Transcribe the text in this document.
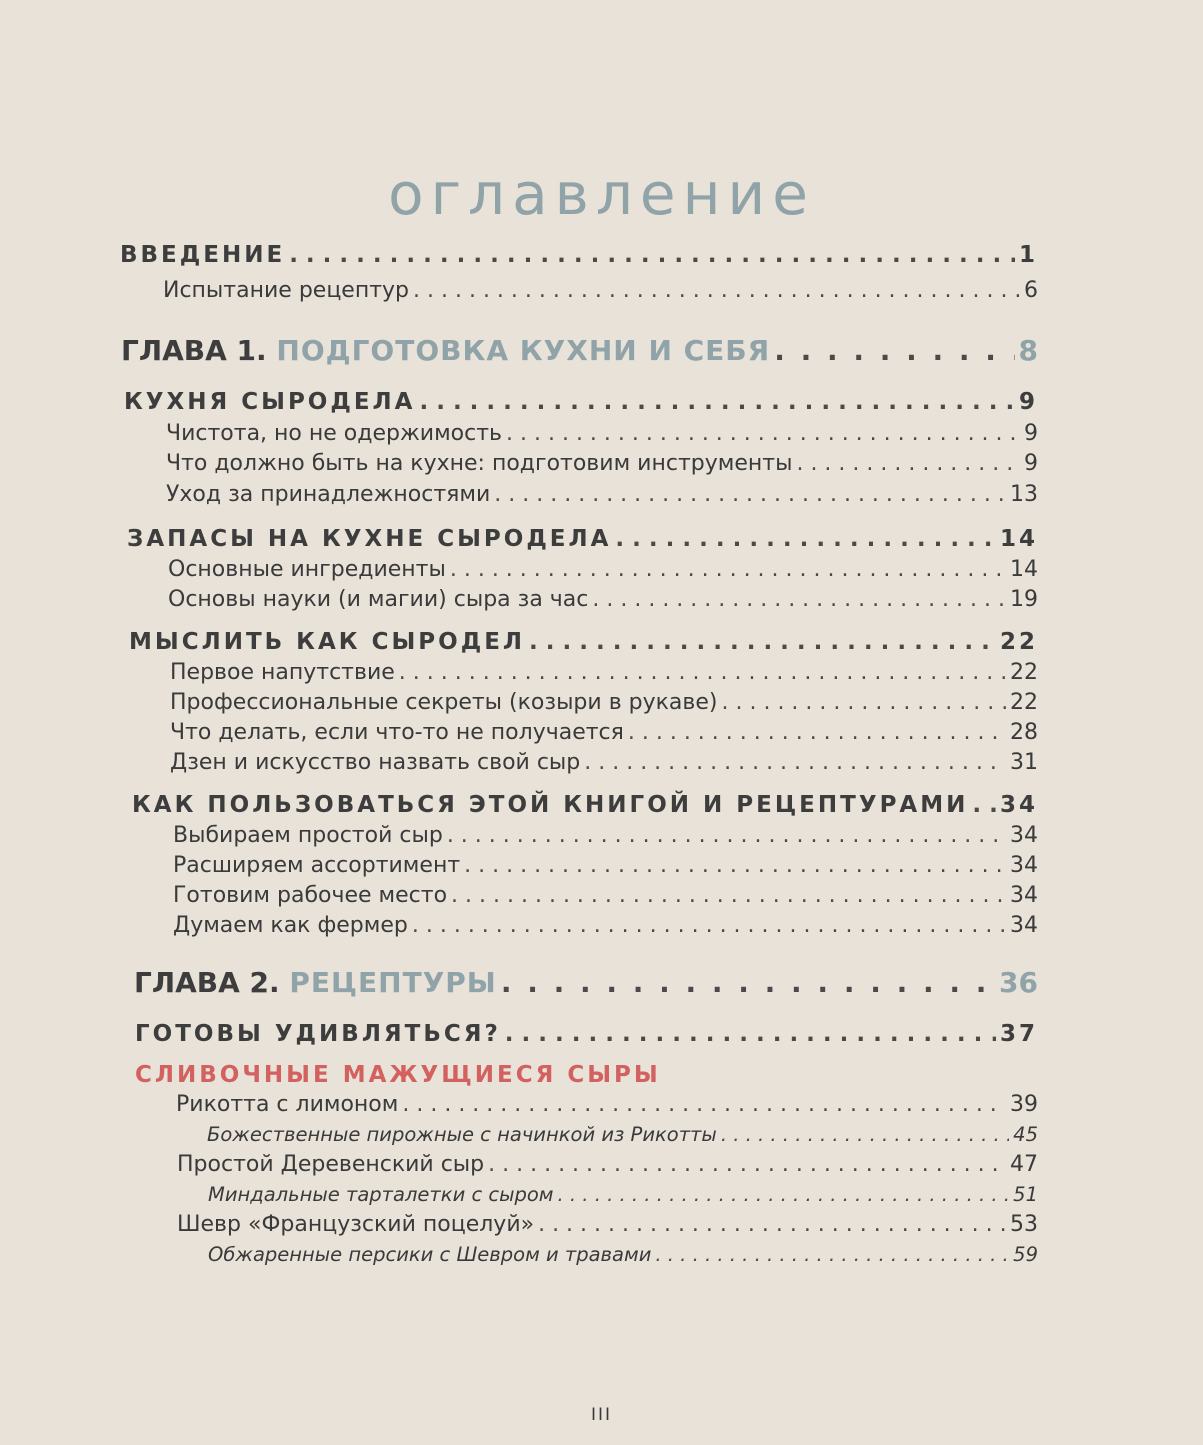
оглавление
ВВЕДЕНИЕ . . .	1
Испытание рецептур . . .	6
ГЛАВА 1. ПОДГОТОВКА КУХНИ И СЕБЯ . . .	8
КУХНЯ СЫРОДЕЛА . . .	9
Чистота, но не одержимость . . .	9
Что должно быть на кухне: подготовим инструменты . . .	9
Уход за принадлежностями . . .	13
ЗАПАСЫ НА КУХНЕ СЫРОДЕЛА . . .	14
Основные ингредиенты . . .	14
Основы науки (и магии) сыра за час . . .	19
МЫСЛИТЬ КАК СЫРОДЕЛ . . .	22
Первое напутствие . . .	22
Профессиональные секреты (козыри в рукаве) . . .	22
Что делать, если что-то не получается . . .	28
Дзен и искусство назвать свой сыр . . .	31
КАК ПОЛЬЗОВАТЬСЯ ЭТОЙ КНИГОЙ И РЕЦЕПТУРАМИ . . . 34
Выбираем простой сыр . . .	34
Расширяем ассортимент . . .	34
Готовим рабочее место . . .	34
Думаем как фермер . . .	34
ГЛАВА 2. РЕЦЕПТУРЫ . . .	36
ГОТОВЫ УДИВЛЯТЬСЯ? . . .	37
СЛИВОЧНЫЕ МАЖУЩИЕСЯ СЫРЫ
Рикотта с лимоном . . .	39
Божественные пирожные с начинкой из Рикотты . . .	45
Простой Деревенский сыр . . .	47
Миндальные тарталетки с сыром . . .	51
Шевр «Французский поцелуй» . . .	53
Обжаренные персики с Шевром и травами . . .	59
III
